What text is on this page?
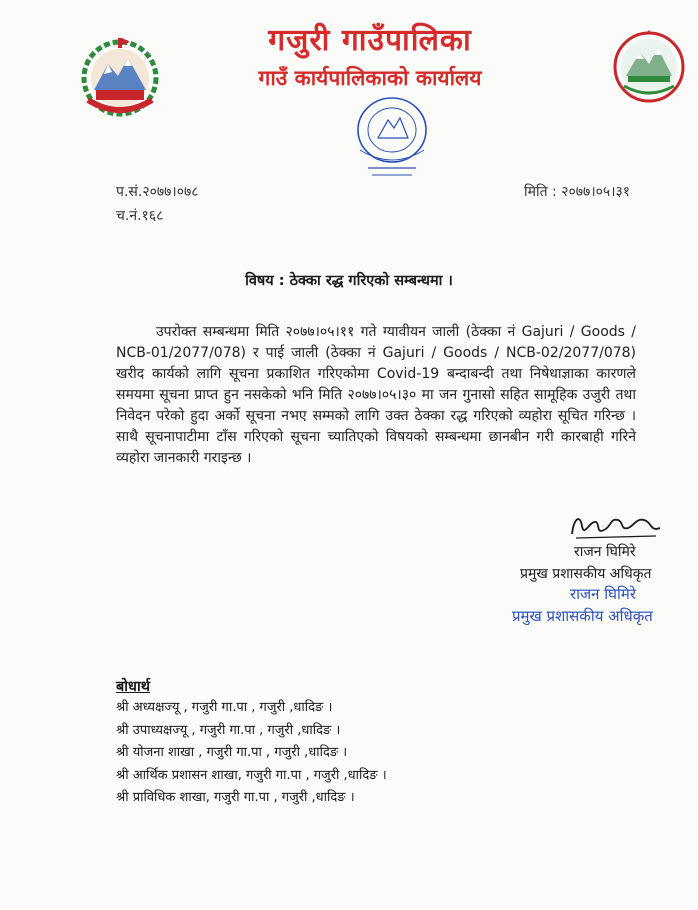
गजुरी गाउँपालिका
गाउँ कार्यपालिकाको कार्यालय
प.सं.२०७७।०७८
च.नं.१६८
मिति : २०७७।०५।३१
विषय : ठेक्का रद्ध गरिएको सम्बन्धमा ।

उपरोक्त सम्बन्धमा मिति २०७७।०५।११ गते ग्यावीयन जाली (ठेक्का नं Gajuri / Goods / NCB-01/2077/078) र पाई जाली (ठेक्का नं Gajuri / Goods / NCB-02/2077/078) खरीद कार्यको लागि सूचना प्रकाशित गरिएकोमा Covid-19 बन्दाबन्दी तथा निषेधाज्ञाका कारणले समयमा सूचना प्राप्त हुन नसकेको भनि मिति २०७७।०५।३० मा जन गुनासो सहित सामूहिक उजुरी तथा निवेदन परेको हुदा अर्को सूचना नभए सम्मको लागि उक्त ठेक्का रद्ध गरिएको व्यहोरा सूचित गरिन्छ । साथै सूचनापाटीमा टाँस गरिएको सूचना च्यातिएको विषयको सम्बन्धमा छानबीन गरी कारबाही गरिने व्यहोरा जानकारी गराइन्छ ।

राजन घिमिरे
प्रमुख प्रशासकीय अधिकृत
राजन घिमिरे
प्रमुख प्रशासकीय अधिकृत
बोधार्थ
श्री अध्यक्षज्यू , गजुरी गा.पा , गजुरी ,धादिङ ।
श्री उपाध्यक्षज्यू , गजुरी गा.पा , गजुरी ,धादिङ ।
श्री योजना शाखा , गजुरी गा.पा , गजुरी ,धादिङ ।
श्री आर्थिक प्रशासन शाखा, गजुरी गा.पा , गजुरी ,धादिङ ।
श्री प्राविधिक शाखा, गजुरी गा.पा , गजुरी ,धादिङ ।
